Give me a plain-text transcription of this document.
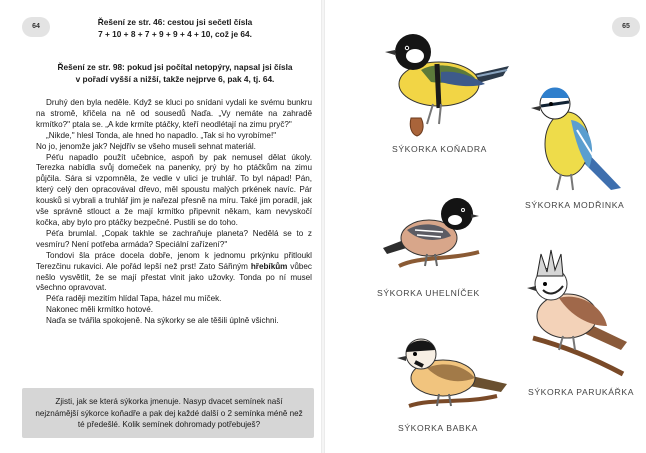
64	Řešení ze str. 46: cestou jsi sečetl čísla
7 + 10 + 8 + 7 + 9 + 9 + 4 + 10, což je 64.
Řešení ze str. 98: pokud jsi počítal netopýry, napsal jsi čísla
v pořadí vyšší a nižší, takže nejprve 6, pak 4, tj. 64.

Druhý den byla neděle. Když se kluci po snídani vydali ke svému bunkru na stromě, křičela na ně od sousedů Naďa. „Vy nemáte na zahradě krmítko?" ptala se. „A kde krmíte ptáčky, kteří neodlétají na zimu pryč?"

„Nikde," hlesl Tonda, ale hned ho napadlo. „Tak si ho vyrobíme!"

No jo, jenomže jak? Nejdřív se všeho museli sehnat materiál.

Péťu napadlo použít učebnice, aspoň by pak nemusel dělat úkoly. Terezka nabídla svůj domeček na panenky, prý by ho ptáčkům na zimu půjčila. Sára si vzpomněla, že vedle v ulici je truhlář. To byl nápad! Pán, který celý den opracovával dřevo, měl spoustu malých prkének navíc. Pár kousků si vybrali a truhlář jim je nařezal přesně na míru. Také jim poradil, jak vše správně stlouct a že mají krmítko připevnit někam, kam nevyskočí kočka, aby bylo pro ptáčky bezpečné. Pustili se do toho.

Péťa brumlal. „Copak takhle se zachraňuje planeta? Nedělá se to z vesmíru? Není potřeba armáda? Speciální zařízení?"

Tondovi šla práce docela dobře, jenom k jednomu prkýnku přitloukl Terezčinu rukavici. Ale pořád lepší než prst! Zato Sářiným hřebíkům vůbec nešlo vysvětlit, že se mají přestat vlnit jako užovky. Tonda po ní musel všechno opravovat.

Péťa raději mezitím hlídal Tapa, házel mu míček.

Nakonec měli krmítko hotové.

Naďa se tvářila spokojeně. Na sýkorky se ale těšili úplně všichni.

Zjisti, jak se která sýkorka jmenuje. Nasyp dvacet semínek naší nejznámější sýkorce koňadře a pak dej každé další o 2 semínka méně než té předešlé. Kolik semínek dohromady potřebuješ?
65
SÝKORKA KOŇADRA
SÝKORKA MODŘINKA
SÝKORKA UHELNÍČEK
SÝKORKA PARUKÁŘKA
SÝKORKA BABKA
